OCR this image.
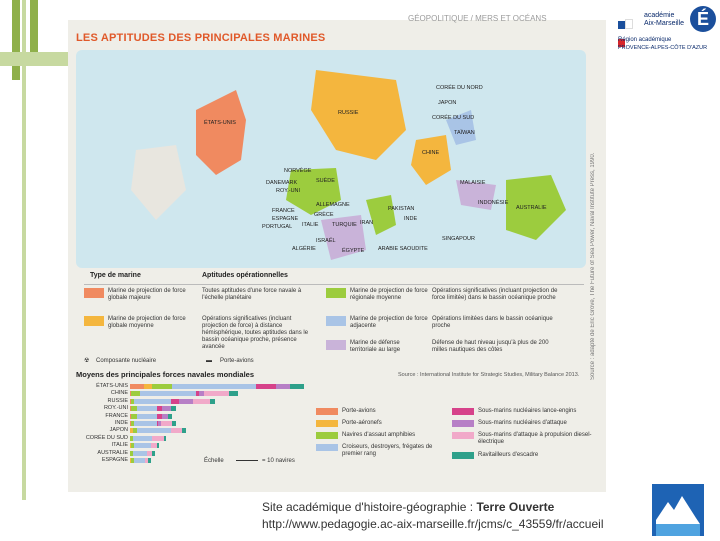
académie
Aix-Marseille É
Région académique
PROVENCE-ALPES-CÔTE D'AZUR
GÉOPOLITIQUE / MERS ET OCÉANS
LES APTITUDES DES PRINCIPALES MARINES
ÉTATS-UNIS
RUSSIE
CORÉE DU NORD
JAPON
CORÉE DU SUD
TAÏWAN
CHINE
NORVÈGE
SUÈDE
DANEMARK
ROY.-UNI
ALLEMAGNE
FRANCE
ESPAGNE
PORTUGAL
GRÈCE
ITALIE TURQUIE IRAN
PAKISTAN
INDE
MALAISIE
INDONÉSIE
AUSTRALIE
SINGAPOUR
ISRAËL
ARABIE SAOUDITE
ALGÉRIE	ÉGYPTE
Type de marine	Aptitudes opérationnelles
Marine de projection de force globale majeure
Toutes aptitudes d'une force navale à l'échelle planétaire
Marine de projection de force globale moyenne
Opérations significatives (incluant projection de force) à distance hémisphérique, toutes aptitudes dans le bassin océanique proche, présence avancée
Marine de projection de force régionale moyenne
Opérations significatives (incluant projection de force limitée) dans le bassin océanique proche
Marine de projection de force adjacente
Opérations limitées dans le bassin océanique proche
Marine de défense territoriale au large
Défense de haut niveau jusqu'à plus de 200 milles nautiques des côtes
☢ Composante nucléaire	▬ Porte-avions	Source : adapté de Eric Grove, The Future of Sea Power, Naval Institute Press, 1990.
Moyens des principales forces navales mondiales	Source : International Institute for Strategic Studies, Military Balance 2013.
Porte-avions
Porte-aéronefs
Navires d'assaut amphibies
Croiseurs, destroyers, frégates de premier rang
Sous-marins nucléaires lance-engins
Sous-marins nucléaires d'attaque
Sous-marins d'attaque à propulsion diesel-électrique
Ravitailleurs d'escadre
Échelle	= 10 navires
ÉTATS-UNIS
CHINE
RUSSIE
ROY.-UNI
FRANCE
INDE
JAPON
CORÉE DU SUD
ITALIE
AUSTRALIE
ESPAGNE
Site académique d'histoire-géographie : Terre Ouverte
http://www.pedagogie.ac-aix-marseille.fr/jcms/c_43559/fr/accueil
